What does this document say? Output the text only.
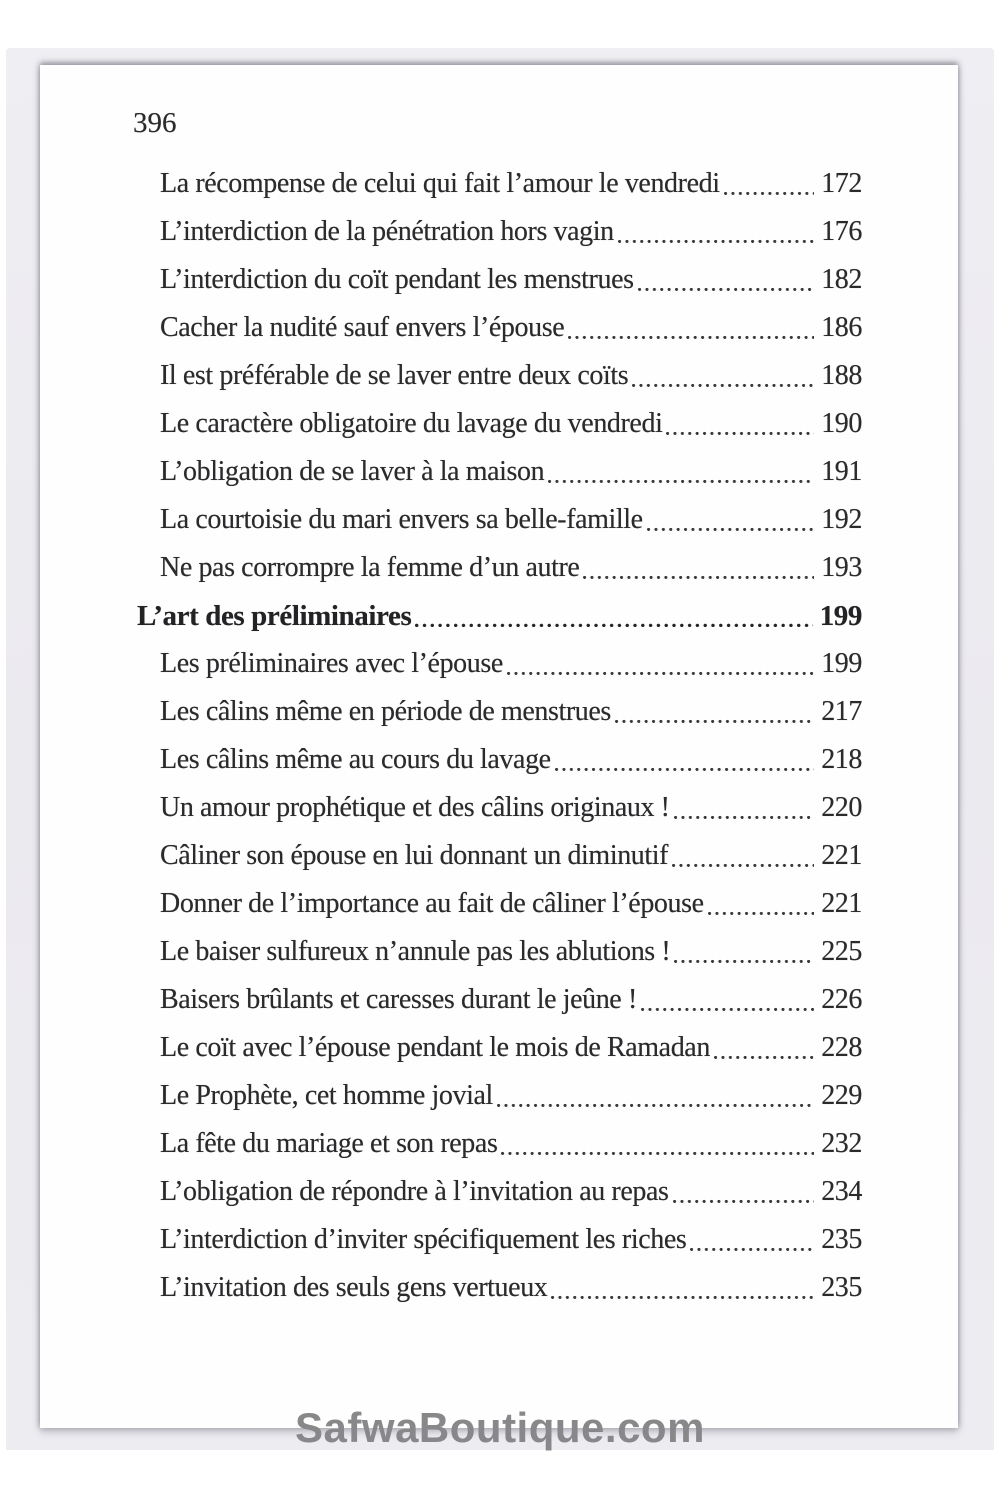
396
La récompense de celui qui fait l’amour le vendredi	172
L’interdiction de la pénétration hors vagin	176
L’interdiction du coït pendant les menstrues	182
Cacher la nudité sauf envers l’épouse	186
Il est préférable de se laver entre deux coïts	188
Le caractère obligatoire du lavage du vendredi	190
L’obligation de se laver à la maison	191
La courtoisie du mari envers sa belle-famille	192
Ne pas corrompre la femme d’un autre	193
L’art des préliminaires	199
Les préliminaires avec l’épouse	199
Les câlins même en période de menstrues	217
Les câlins même au cours du lavage	218
Un amour prophétique et des câlins originaux !	220
Câliner son épouse en lui donnant un diminutif	221
Donner de l’importance au fait de câliner l’épouse	221
Le baiser sulfureux n’annule pas les ablutions !	225
Baisers brûlants et caresses durant le jeûne !	226
Le coït avec l’épouse pendant le mois de Ramadan	228
Le Prophète, cet homme jovial	229
La fête du mariage et son repas	232
L’obligation de répondre à l’invitation au repas	234
L’interdiction d’inviter spécifiquement les riches	235
L’invitation des seuls gens vertueux	235
SafwaBoutique.com
